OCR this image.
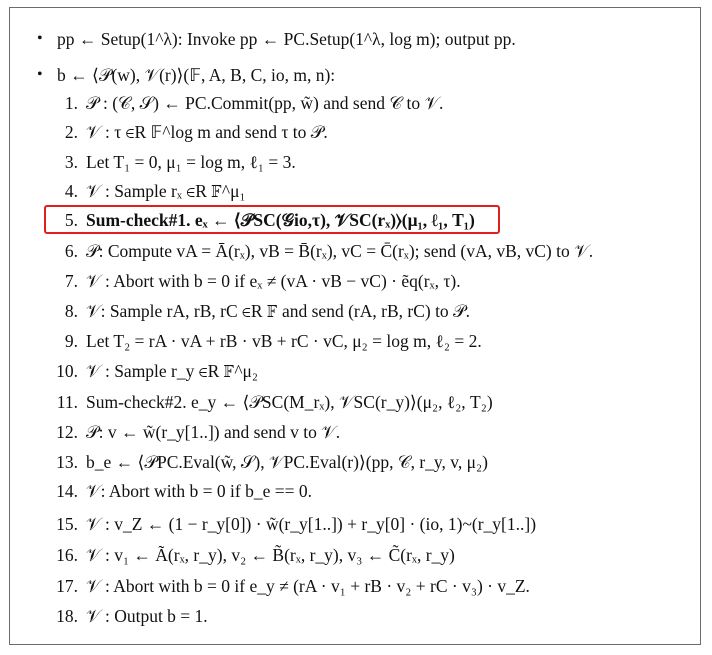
• pp ← Setup(1^λ): Invoke pp ← PC.Setup(1^λ, log m); output pp.
• b ← ⟨𝒫(w), 𝒱(r)⟩(𝔽, A, B, C, io, m, n):
1. 𝒫 : (𝒞, 𝒮) ← PC.Commit(pp, w̃) and send 𝒞 to 𝒱.
2. 𝒱 : τ ∈R 𝔽^log m and send τ to 𝒫.
3. Let T₁ = 0, μ₁ = log m, ℓ₁ = 3.
4. 𝒱 : Sample rₓ ∈R 𝔽^μ₁
5. Sum-check#1. eₓ ← ⟨𝒫SC(𝒢io,τ), 𝒱SC(rₓ)⟩(μ₁, ℓ₁, T₁)
6. 𝒫: Compute vA = Ā(rₓ), vB = B̄(rₓ), vC = C̄(rₓ); send (vA, vB, vC) to 𝒱.
7. 𝒱 : Abort with b = 0 if eₓ ≠ (vA · vB − vC) · ẽq(rₓ, τ).
8. 𝒱: Sample rA, rB, rC ∈R 𝔽 and send (rA, rB, rC) to 𝒫.
9. Let T₂ = rA · vA + rB · vB + rC · vC, μ₂ = log m, ℓ₂ = 2.
10. 𝒱 : Sample r_y ∈R 𝔽^μ₂
11. Sum-check#2. e_y ← ⟨𝒫SC(M_rₓ), 𝒱SC(r_y)⟩(μ₂, ℓ₂, T₂)
12. 𝒫: v ← w̃(r_y[1..]) and send v to 𝒱.
13. b_e ← ⟨𝒫PC.Eval(w̃, 𝒮), 𝒱PC.Eval(r)⟩(pp, 𝒞, r_y, v, μ₂)
14. 𝒱: Abort with b = 0 if b_e == 0.
15. 𝒱 : v_Z ← (1 − r_y[0]) · w̃(r_y[1..]) + r_y[0] · (io, 1)~(r_y[1..])
16. 𝒱 : v₁ ← Ã(rₓ, r_y), v₂ ← B̃(rₓ, r_y), v₃ ← C̃(rₓ, r_y)
17. 𝒱 : Abort with b = 0 if e_y ≠ (rA · v₁ + rB · v₂ + rC · v₃) · v_Z.
18. 𝒱 : Output b = 1.
